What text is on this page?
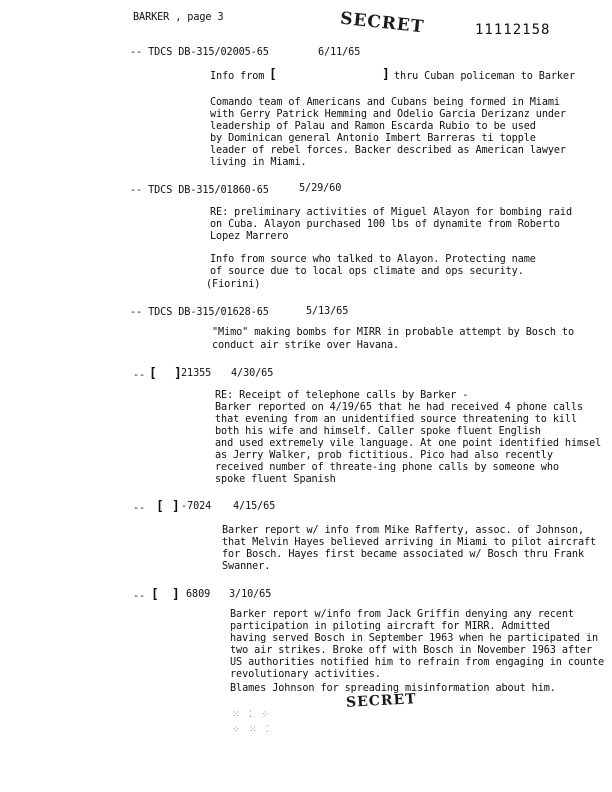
BARKER , page 3	SECRET	11112158
-- TDCS DB-315/02005-65	6/11/65
Info from [	] thru Cuban policeman to Barker
Comando team of Americans and Cubans being formed in Miami
with Gerry Patrick Hemming and Odelio Garcia Derizanz under
leadership of Palau and Ramon Escarda Rubio to be used
by Dominican general Antonio Imbert Barreras ti topple
leader of rebel forces. Backer described as American lawyer
living in Miami.
-- TDCS DB-315/01860-65	5/29/60
RE: preliminary activities of Miguel Alayon for bombing raid
on Cuba. Alayon purchased 100 lbs of dynamite from Roberto
Lopez Marrero
Info from source who talked to Alayon. Protecting name
of source due to local ops climate and ops security.
(Fiorini)
-- TDCS DB-315/01628-65	5/13/65
"Mimo" making bombs for MIRR in probable attempt by Bosch to
conduct air strike over Havana.
-- [ ] 21355 4/30/65
RE: Receipt of telephone calls by Barker -
Barker reported on 4/19/65 that he had received 4 phone calls
that evening from an unidentified source threatening to kill
both his wife and himself. Caller spoke fluent English
and used extremely vile language. At one point identified himsel
as Jerry Walker, prob fictitious. Pico had also recently
received number of threate-ing phone calls by someone who
spoke fluent Spanish
-- [ ] -7024 4/15/65
Barker report w/ info from Mike Rafferty, assoc. of Johnson,
that Melvin Hayes believed arriving in Miami to pilot aircraft
for Bosch. Hayes first became associated w/ Bosch thru Frank
Swanner.
-- [ ] 6809 3/10/65
Barker report w/info from Jack Griffin denying any recent
participation in piloting aircraft for MIRR. Admitted
having served Bosch in September 1963 when he participated in
two air strikes. Broke off with Bosch in November 1963 after
US authorities notified him to refrain from engaging in counte
revolutionary activities.
Blames Johnson for spreading misinformation about him.
SECRET
⁙ ⁚ ⁘
⁘ ⁙ ⁚
